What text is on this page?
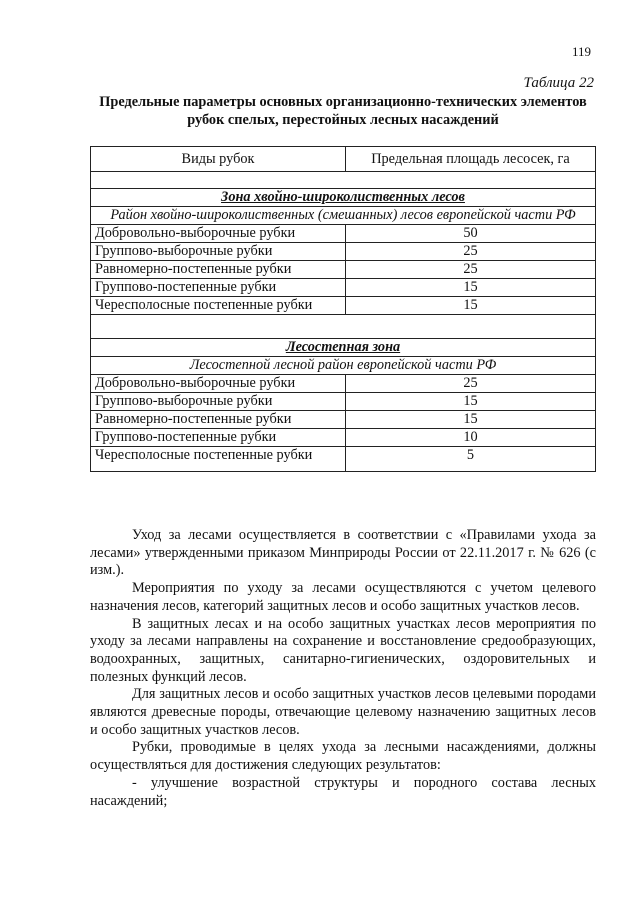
119
Таблица 22
Предельные параметры основных организационно-технических элементов рубок спелых, перестойных лесных насаждений
Виды рубок	Предельная площадь лесосек, га

Зона хвойно-широколиственных лесов	
Район хвойно-широколиственных (смешанных) лесов европейской части РФ	
Добровольно-выборочные рубки	50
Группово-выборочные рубки	25
Равномерно-постепенные рубки	25
Группово-постепенные рубки	15
Чересполосные постепенные рубки	15

Лесостепная зона	
Лесостепной лесной район европейской части РФ	
Добровольно-выборочные рубки	25
Группово-выборочные рубки	15
Равномерно-постепенные рубки	15
Группово-постепенные рубки	10
Чересполосные постепенные рубки	5

Уход за лесами осуществляется в соответствии с «Правилами ухода за лесами» утвержденными приказом Минприроды России от 22.11.2017 г. № 626 (с изм.).

Мероприятия по уходу за лесами осуществляются с учетом целевого назначения лесов, категорий защитных лесов и особо защитных участков лесов.

В защитных лесах и на особо защитных участках лесов мероприятия по уходу за лесами направлены на сохранение и восстановление средообразующих, водоохранных, защитных, санитарно-гигиенических, оздоровительных и полезных функций лесов.

Для защитных лесов и особо защитных участков лесов целевыми породами являются древесные породы, отвечающие целевому назначению защитных лесов и особо защитных участков лесов.

Рубки, проводимые в целях ухода за лесными насаждениями, должны осуществляться для достижения следующих результатов:

- улучшение возрастной структуры и породного состава лесных насаждений;
